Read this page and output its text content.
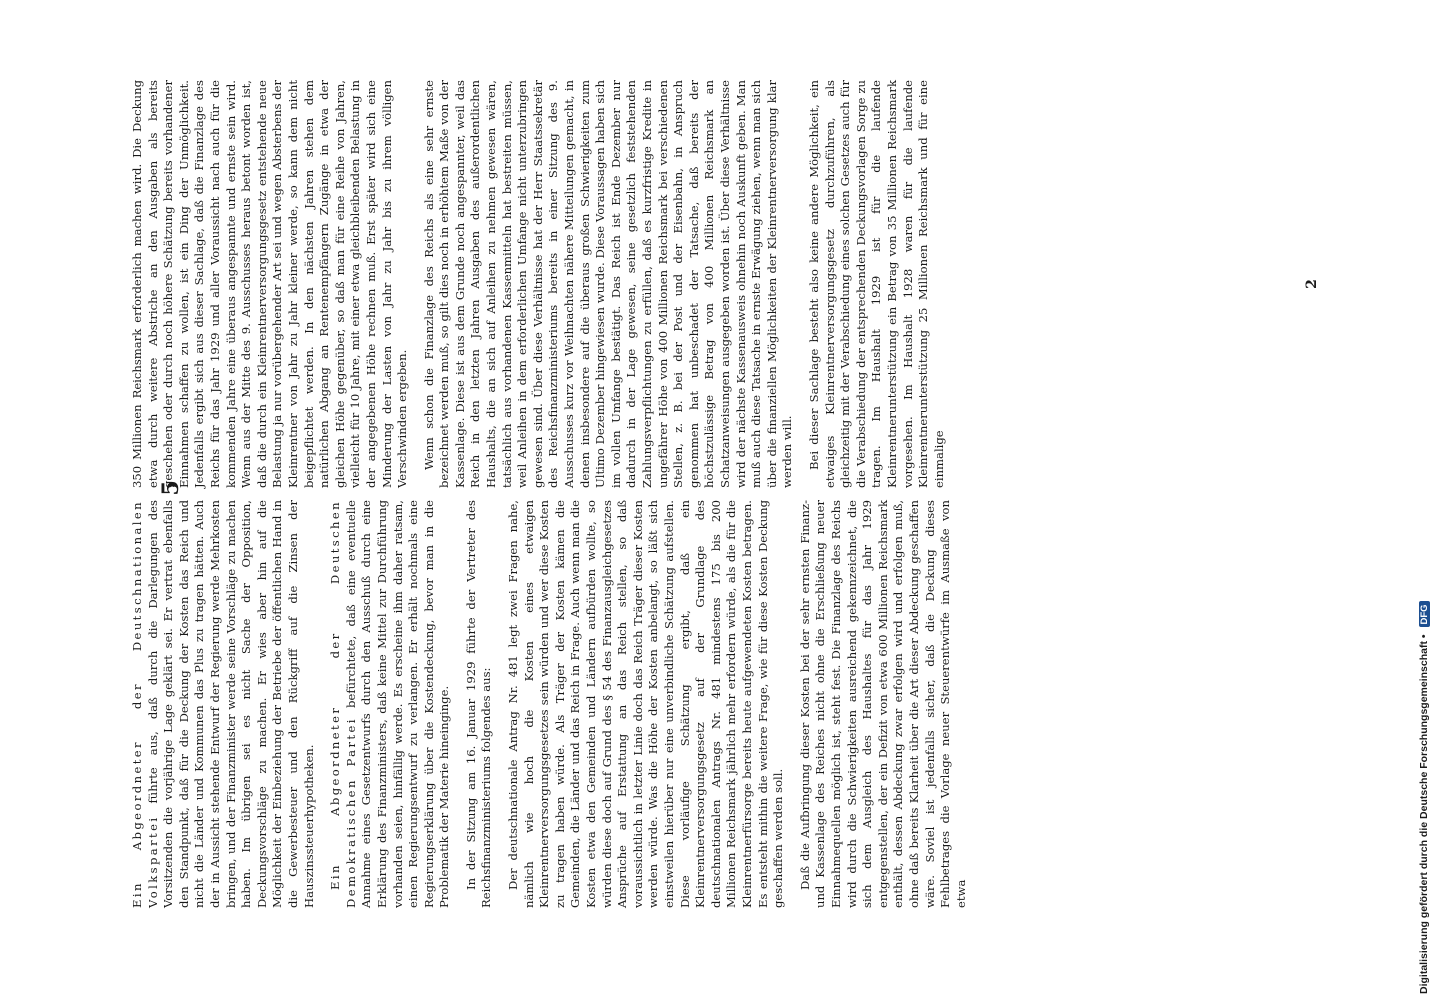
5

Ein Abgeordneter der Deutschnationalen Volkspartei führte aus, daß durch die Darlegungen des Vorsitzenden die vorjährige Lage geklärt sei. Er vertrat ebenfalls den Standpunkt, daß für die Deckung der Kosten das Reich und nicht die Länder und Kommunen das Plus zu tragen hätten. Auch der in Aussicht stehende Entwurf der Regierung werde Mehrkosten bringen, und der Finanzminister werde seine Vorschläge zu machen haben. Im übrigen sei es nicht Sache der Opposition, Deckungsvorschläge zu machen. Er wies aber hin auf die Möglichkeit der Einbeziehung der Betriebe der öffentlichen Hand in die Gewerbesteuer und den Rückgriff auf die Zinsen der Hauszinssteuerhypotheken. Ein Abgeordneter der Deutschen Demokratischen Partei befürchtete, daß eine eventuelle Annahme eines Gesetzentwurfs durch den Ausschuß durch eine Erklärung des Finanzministers, daß keine Mittel zur Durchführung vorhanden seien, hinfällig werde. Es erscheine ihm daher ratsam, einen Regierungsentwurf zu verlangen. Er erhält nochmals eine Regierungserklärung über die Kostendeckung, bevor man in die Problematik der Materie hineinginge. In der Sitzung am 16. Januar 1929 führte der Vertreter des Reichsfinanzministeriums folgendes aus: Der deutschnationale Antrag Nr. 481 legt zwei Fragen nahe, nämlich wie hoch die Kosten eines etwaigen Kleinrentnerversorgungsgesetzes sein würden und wer diese Kosten zu tragen haben würde. Als Träger der Kosten kämen die Gemeinden, die Länder und das Reich in Frage. Auch wenn man die Kosten etwa den Gemeinden und Ländern aufbürden wollte, so würden diese doch auf Grund des § 54 des Finanzausgleichgesetzes Ansprüche auf Erstattung an das Reich stellen, so daß voraussichtlich in letzter Linie doch das Reich Träger dieser Kosten werden würde. Was die Höhe der Kosten anbelangt, so läßt sich einstweilen hierüber nur eine unverbindliche Schätzung aufstellen. Diese vorläufige Schätzung ergibt, daß ein Kleinrentnerversorgungsgesetz auf der Grundlage des deutschnationalen Antrags Nr. 481 mindestens 175 bis 200 Millionen Reichsmark jährlich mehr erfordern würde, als die für die Kleinrentnerfürsorge bereits heute aufgewendeten Kosten betragen. Es entsteht mithin die weitere Frage, wie für diese Kosten Deckung geschaffen werden soll. Daß die Aufbringung dieser Kosten bei der sehr ernsten Finanz- und Kassenlage des Reiches nicht ohne die Erschließung neuer Einnahmequellen möglich ist, steht fest. Die Finanzlage des Reichs wird durch die Schwierigkeiten ausreichend gekennzeichnet, die sich dem Ausgleich des Haushaltes für das Jahr 1929 entgegenstellen, der ein Defizit von etwa 600 Millionen Reichsmark enthält, dessen Abdeckung zwar erfolgen wird und erfolgen muß, ohne daß bereits Klarheit über die Art dieser Abdeckung geschaffen wäre. Soviel ist jedenfalls sicher, daß die Deckung dieses Fehlbetrages die Vorlage neuer Steuerentwürfe im Ausmaße von etwa

350 Millionen Reichsmark erforderlich machen wird. Die Deckung etwa durch weitere Abstriche an den Ausgaben als bereits geschehen oder durch noch höhere Schätzung bereits vorhandener Einnahmen schaffen zu wollen, ist ein Ding der Unmöglichkeit. Jedenfalls ergibt sich aus dieser Sachlage, daß die Finanzlage des Reichs für das Jahr 1929 und aller Voraussicht nach auch für die kommenden Jahre eine überaus angespannte und ernste sein wird. Wenn aus der Mitte des 9. Ausschusses heraus betont worden ist, daß die durch ein Kleinrentnerversorgungsgesetz entstehende neue Belastung ja nur vorübergehender Art sei und wegen Absterbens der Kleinrentner von Jahr zu Jahr kleiner werde, so kann dem nicht beigepflichtet werden. In den nächsten Jahren stehen dem natürlichen Abgang an Rentenempfängern Zugänge in etwa der gleichen Höhe gegenüber, so daß man für eine Reihe von Jahren, vielleicht für 10 Jahre, mit einer etwa gleichbleibenden Belastung in der angegebenen Höhe rechnen muß. Erst später wird sich eine Minderung der Lasten von Jahr zu Jahr bis zu ihrem völligen Verschwinden ergeben. Wenn schon die Finanzlage des Reichs als eine sehr ernste bezeichnet werden muß, so gilt dies noch in erhöhtem Maße von der Kassenlage. Diese ist aus dem Grunde noch angespannter, weil das Reich in den letzten Jahren Ausgaben des außerordentlichen Haushalts, die an sich auf Anleihen zu nehmen gewesen wären, tatsächlich aus vorhandenen Kassenmitteln hat bestreiten müssen, weil Anleihen in dem erforderlichen Umfange nicht unterzubringen gewesen sind. Über diese Verhältnisse hat der Herr Staatssekretär des Reichsfinanzministeriums bereits in einer Sitzung des 9. Ausschusses kurz vor Weihnachten nähere Mitteilungen gemacht, in denen insbesondere auf die überaus großen Schwierigkeiten zum Ultimo Dezember hingewiesen wurde. Diese Voraussagen haben sich im vollen Umfange bestätigt. Das Reich ist Ende Dezember nur dadurch in der Lage gewesen, seine gesetzlich feststehenden Zahlungsverpflichtungen zu erfüllen, daß es kurzfristige Kredite in ungefährer Höhe von 400 Millionen Reichsmark bei verschiedenen Stellen, z. B. bei der Post und der Eisenbahn, in Anspruch genommen hat unbeschadet der Tatsache, daß bereits der höchstzulässige Betrag von 400 Millionen Reichsmark an Schatzanweisungen ausgegeben worden ist. Über diese Verhältnisse wird der nächste Kassenausweis ohnehin noch Auskunft geben. Man muß auch diese Tatsache in ernste Erwägung ziehen, wenn man sich über die finanziellen Möglichkeiten der Kleinrentnerversorgung klar werden will. Bei dieser Sachlage besteht also keine andere Möglichkeit, ein etwaiges Kleinrentnerversorgungsgesetz durchzuführen, als gleichzeitig mit der Verabschiedung eines solchen Gesetzes auch für die Verabschiedung der entsprechenden Deckungsvorlagen Sorge zu tragen. Im Haushalt 1929 ist für die laufende Kleinrentnerunterstützung ein Betrag von 35 Millionen Reichsmark vorgesehen. Im Haushalt 1928 waren für die laufende Kleinrentnerunterstützung 25 Millionen Reichsmark und für eine einmalige

2
Digitalisierung gefördert durch die Deutsche Forschungsgemeinschaft • DFG
